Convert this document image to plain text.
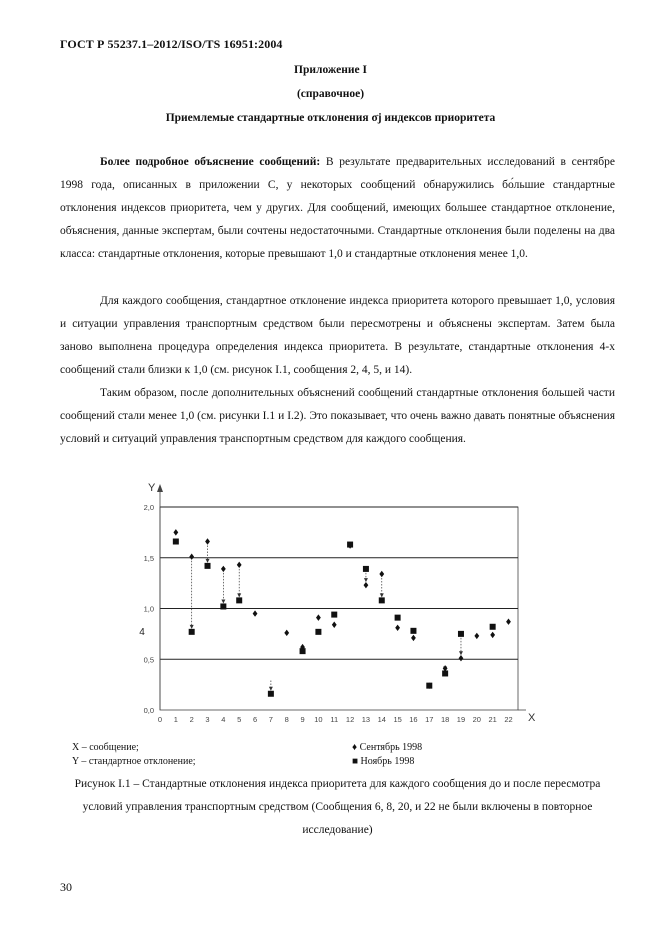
ГОСТ Р 55237.1–2012/ISO/TS 16951:2004
Приложение I
(справочное)
Приемлемые стандартные отклонения σj индексов приоритета
Более подробное объяснение сообщений: В результате предварительных исследований в сентябре 1998 года, описанных в приложении С, у некоторых сообщений обнаружились бо́льшие стандартные отклонения индексов приоритета, чем у других. Для сообщений, имеющих большее стандартное отклонение, объяснения, данные экспертам, были сочтены недостаточными. Стандартные отклонения были поделены на два класса: стандартные отклонения, которые превышают 1,0 и стандартные отклонения менее 1,0.
Для каждого сообщения, стандартное отклонение индекса приоритета которого превышает 1,0, условия и ситуации управления транспортным средством были пересмотрены и объяснены экспертам. Затем была заново выполнена процедура определения индекса приоритета. В результате, стандартные отклонения 4-х сообщений стали близки к 1,0 (см. рисунок I.1, сообщения 2, 4, 5, и 14).
Таким образом, после дополнительных объяснений сообщений стандартные отклонения большей части сообщений стали менее 1,0 (см. рисунки I.1 и I.2). Это показывает, что очень важно давать понятные объяснения условий и ситуаций управления транспортным средством для каждого сообщения.
Y
X
0,0
0,5
1,0
1,5
2,0
4
0 1 2 3 4 5 6 7 8 9 10 11 12 13 14 15 16 17 18 19 20 21 22
X – сообщение;
Y – стандартное отклонение;
♦ Сентябрь 1998
■ Ноябрь 1998
Рисунок I.1 – Стандартные отклонения индекса приоритета для каждого сообщения до и после пересмотра условий управления транспортным средством (Сообщения 6, 8, 20, и 22 не были включены в повторное исследование)
30
